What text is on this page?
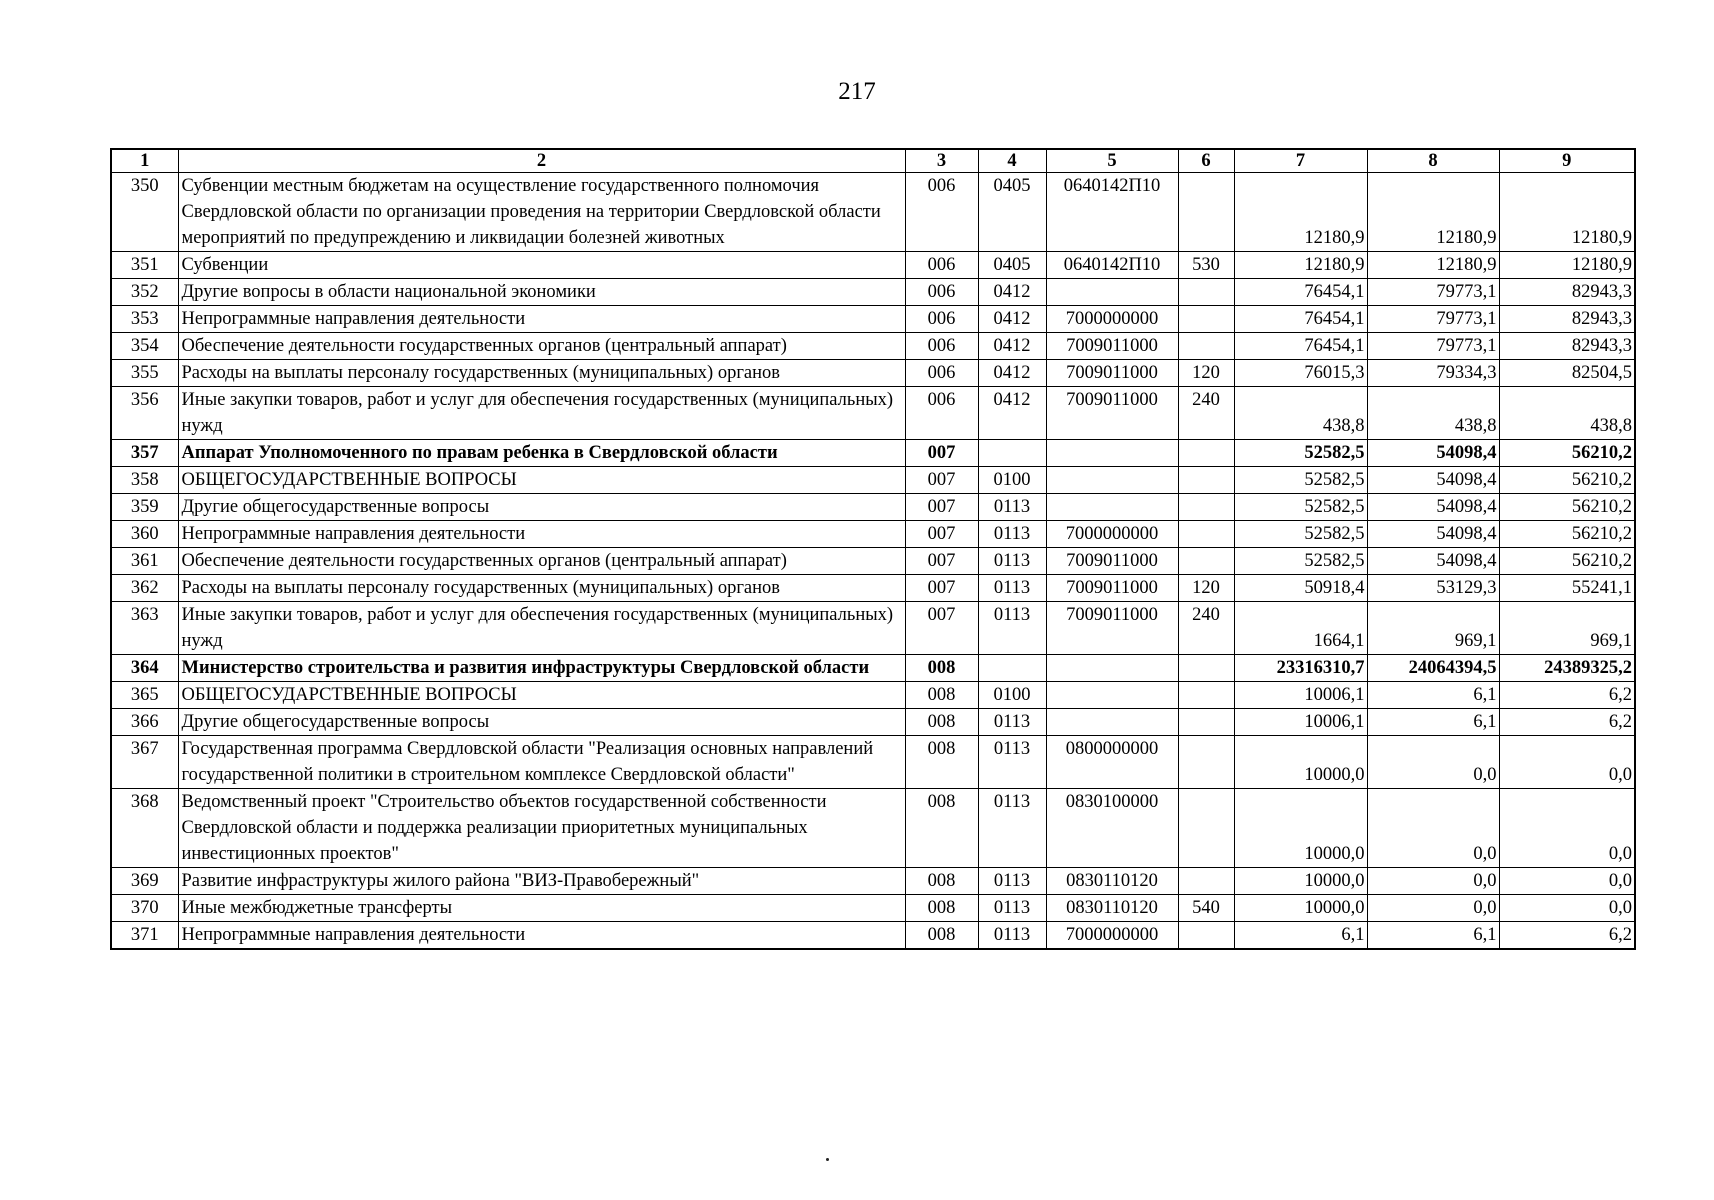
217
1	2	3	4	5	6	7	8	9
350	Субвенции местным бюджетам на осуществление государственного полномочия Свердловской области по организации проведения на территории Свердловской области мероприятий по предупреждению и ликвидации болезней животных	006	0405	0640142П10		12180,9	12180,9	12180,9
351	Субвенции	006	0405	0640142П10	530	12180,9	12180,9	12180,9
352	Другие вопросы в области национальной экономики	006	0412			76454,1	79773,1	82943,3
353	Непрограммные направления деятельности	006	0412	7000000000		76454,1	79773,1	82943,3
354	Обеспечение деятельности государственных органов (центральный аппарат)	006	0412	7009011000		76454,1	79773,1	82943,3
355	Расходы на выплаты персоналу государственных (муниципальных) органов	006	0412	7009011000	120	76015,3	79334,3	82504,5
356	Иные закупки товаров, работ и услуг для обеспечения государственных (муниципальных) нужд	006	0412	7009011000	240	438,8	438,8	438,8
357	Аппарат Уполномоченного по правам ребенка в Свердловской области	007				52582,5	54098,4	56210,2
358	ОБЩЕГОСУДАРСТВЕННЫЕ ВОПРОСЫ	007	0100			52582,5	54098,4	56210,2
359	Другие общегосударственные вопросы	007	0113			52582,5	54098,4	56210,2
360	Непрограммные направления деятельности	007	0113	7000000000		52582,5	54098,4	56210,2
361	Обеспечение деятельности государственных органов (центральный аппарат)	007	0113	7009011000		52582,5	54098,4	56210,2
362	Расходы на выплаты персоналу государственных (муниципальных) органов	007	0113	7009011000	120	50918,4	53129,3	55241,1
363	Иные закупки товаров, работ и услуг для обеспечения государственных (муниципальных) нужд	007	0113	7009011000	240	1664,1	969,1	969,1
364	Министерство строительства и развития инфраструктуры Свердловской области	008				23316310,7	24064394,5	24389325,2
365	ОБЩЕГОСУДАРСТВЕННЫЕ ВОПРОСЫ	008	0100			10006,1	6,1	6,2
366	Другие общегосударственные вопросы	008	0113			10006,1	6,1	6,2
367	Государственная программа Свердловской области "Реализация основных направлений государственной политики в строительном комплексе Свердловской области"	008	0113	0800000000		10000,0	0,0	0,0
368	Ведомственный проект "Строительство объектов государственной собственности Свердловской области и поддержка реализации приоритетных муниципальных инвестиционных проектов"	008	0113	0830100000		10000,0	0,0	0,0
369	Развитие инфраструктуры жилого района "ВИЗ-Правобережный"	008	0113	0830110120		10000,0	0,0	0,0
370	Иные межбюджетные трансферты	008	0113	0830110120	540	10000,0	0,0	0,0
371	Непрограммные направления деятельности	008	0113	7000000000		6,1	6,1	6,2
